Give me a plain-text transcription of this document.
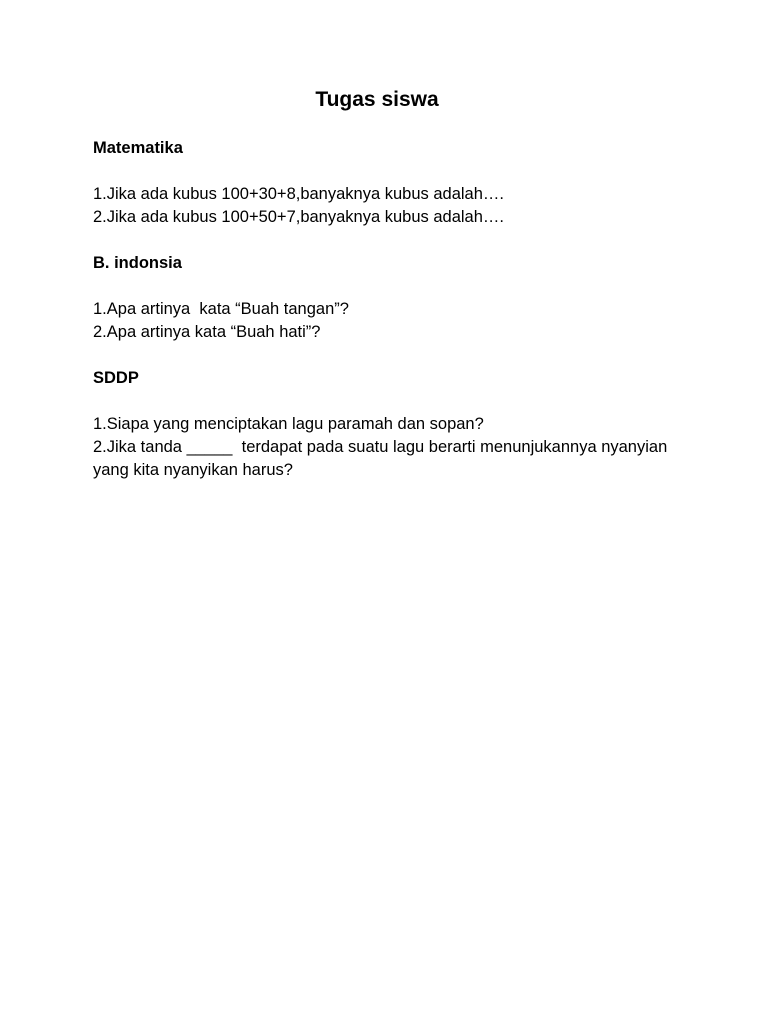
Tugas siswa

Matematika

1.Jika ada kubus 100+30+8,banyaknya kubus adalah….

2.Jika ada kubus 100+50+7,banyaknya kubus adalah….

B. indonsia

1.Apa artinya  kata “Buah tangan”?

2.Apa artinya kata “Buah hati”?

SDDP

1.Siapa yang menciptakan lagu paramah dan sopan?

2.Jika tanda _____  terdapat pada suatu lagu berarti menunjukannya nyanyian yang kita nyanyikan harus?
